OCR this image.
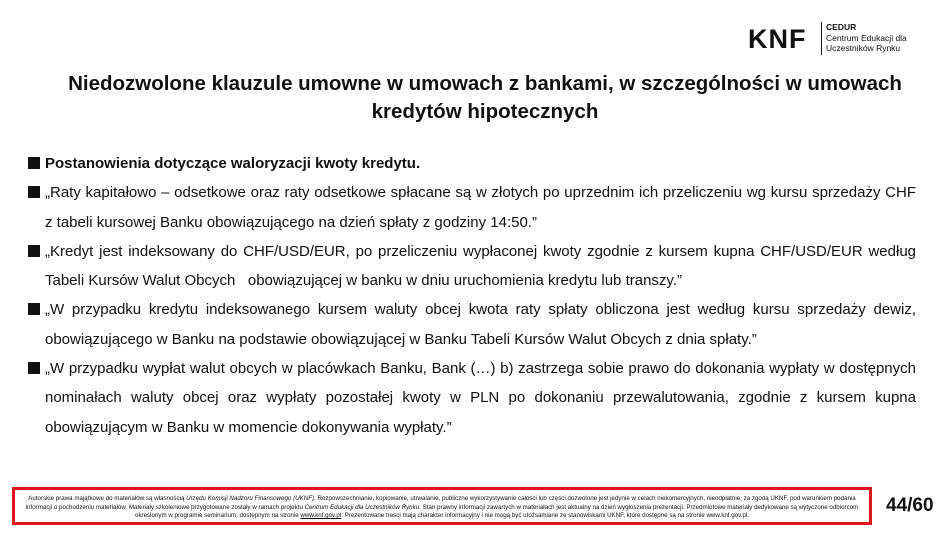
KNF CEDUR
Centrum Edukacji dla
Uczestników Rynku
Niedozwolone klauzule umowne w umowach z bankami, w szczególności w umowach kredytów hipotecznych
Postanowienia dotyczące waloryzacji kwoty kredytu.
„Raty kapitałowo – odsetkowe oraz raty odsetkowe spłacane są w złotych po uprzednim ich przeliczeniu wg kursu sprzedaży CHF z tabeli kursowej Banku obowiązującego na dzień spłaty z godziny 14:50.”
„Kredyt jest indeksowany do CHF/USD/EUR, po przeliczeniu wypłaconej kwoty zgodnie z kursem kupna CHF/USD/EUR według Tabeli Kursów Walut Obcych   obowiązującej w banku w dniu uruchomienia kredytu lub transzy.”
„W przypadku kredytu indeksowanego kursem waluty obcej kwota raty spłaty obliczona jest według kursu sprzedaży dewiz, obowiązującego w Banku na podstawie obowiązującej w Banku Tabeli Kursów Walut Obcych z dnia spłaty.”
„W przypadku wypłat walut obcych w placówkach Banku, Bank (…) b) zastrzega sobie prawo do dokonania wypłaty w dostępnych nominałach waluty obcej oraz wypłaty pozostałej kwoty w PLN po dokonaniu przewalutowania, zgodnie z kursem kupna obowiązującym w Banku w momencie dokonywania wypłaty.”
Autorskie prawa majątkowe do materiałów są własnością Urzędu Komisji Nadzoru Finansowego (UKNF). Rozpowszechnianie, kopiowanie, utrwalanie, publiczne wykorzystywanie całości lub części dozwolone jest jedynie w celach niekomercyjnych, nieodpłatnie, za zgodą UKNF, pod warunkiem podania informacji o pochodzeniu materiałów. Materiały szkoleniowe przygotowane zostały w ramach projektu Centrum Edukacji dla Uczestników Rynku. Stan prawny informacji zawartych w materiałach jest aktualny na dzień wygłoszenia prezentacji. Przedmiotowe materiały dedykowane są wytyczone odbiorcom określonym w programie seminarium, dostępnym na stronie www.knf.gov.pl. Prezentowane treści mają charakter informacyjny i nie mogą być utożsamiane ze stanowiskami UKNF, które dostępne są na stronie www.knf.gov.pl.	44/60
